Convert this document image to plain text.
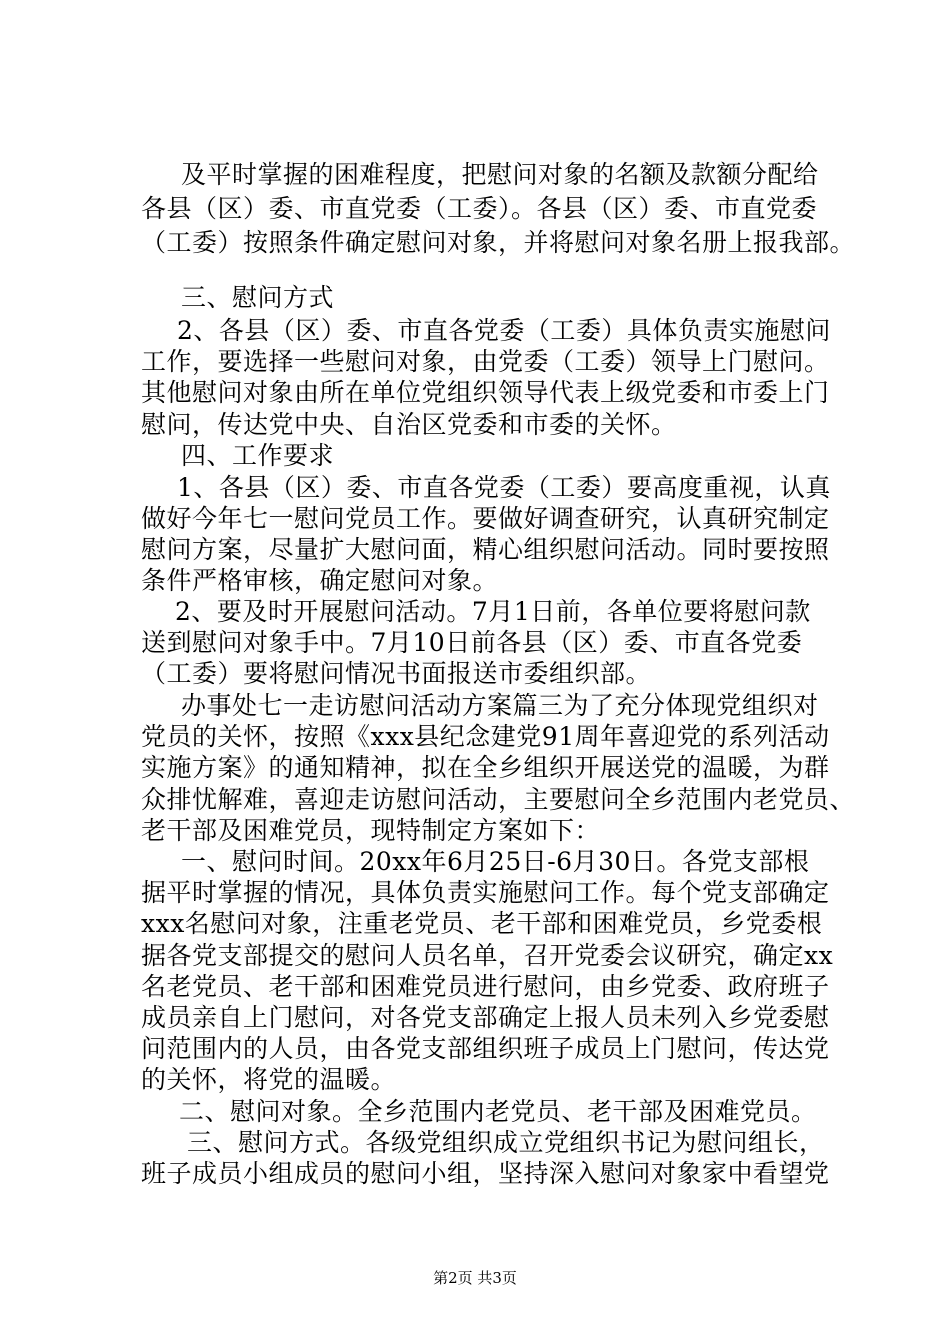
及平时掌握的困难程度，把慰问对象的名额及款额分配给
各县（区）委、市直党委（工委）。各县（区）委、市直党委
（工委）按照条件确定慰问对象，并将慰问对象名册上报我部。
三、慰问方式
2、各县（区）委、市直各党委（工委）具体负责实施慰问
工作，要选择一些慰问对象，由党委（工委）领导上门慰问。
其他慰问对象由所在单位党组织领导代表上级党委和市委上门
慰问，传达党中央、自治区党委和市委的关怀。
四、工作要求
1、各县（区）委、市直各党委（工委）要高度重视，认真
做好今年七一慰问党员工作。要做好调查研究，认真研究制定
慰问方案，尽量扩大慰问面，精心组织慰问活动。同时要按照
条件严格审核，确定慰问对象。
2、要及时开展慰问活动。7月1日前，各单位要将慰问款
送到慰问对象手中。7月10日前各县（区）委、市直各党委
（工委）要将慰问情况书面报送市委组织部。
办事处七一走访慰问活动方案篇三为了充分体现党组织对
党员的关怀，按照《xxx县纪念建党91周年喜迎党的系列活动
实施方案》的通知精神，拟在全乡组织开展送党的温暖，为群
众排忧解难，喜迎走访慰问活动，主要慰问全乡范围内老党员、
老干部及困难党员，现特制定方案如下：
一、慰问时间。20xx年6月25日-6月30日。各党支部根
据平时掌握的情况，具体负责实施慰问工作。每个党支部确定
xxx名慰问对象，注重老党员、老干部和困难党员，乡党委根
据各党支部提交的慰问人员名单，召开党委会议研究，确定xx
名老党员、老干部和困难党员进行慰问，由乡党委、政府班子
成员亲自上门慰问，对各党支部确定上报人员未列入乡党委慰
问范围内的人员，由各党支部组织班子成员上门慰问，传达党
的关怀，将党的温暖。
二、慰问对象。全乡范围内老党员、老干部及困难党员。
三、慰问方式。各级党组织成立党组织书记为慰问组长，
班子成员小组成员的慰问小组，坚持深入慰问对象家中看望党
第2页 共3页
